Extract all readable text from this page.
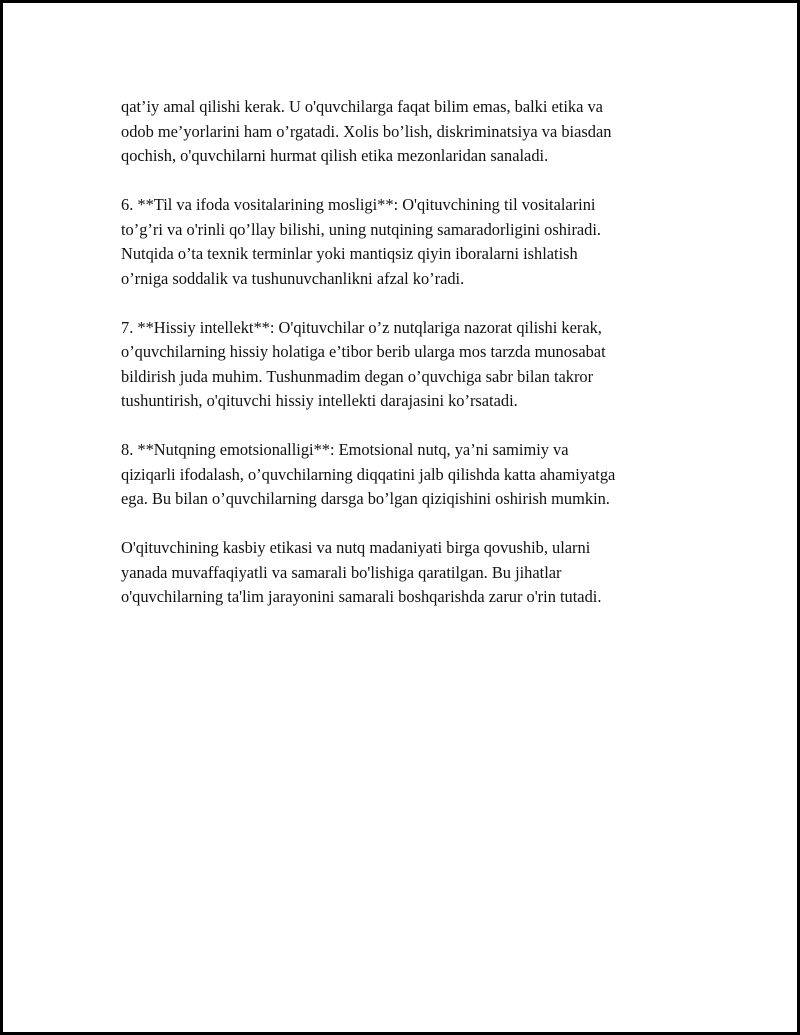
qat’iy amal qilishi kerak. U o'quvchilarga faqat bilim emas, balki etika va
odob me’yorlarini ham o’rgatadi. Xolis bo’lish, diskriminatsiya va biasdan
qochish, o'quvchilarni hurmat qilish etika mezonlaridan sanaladi.

6. **Til va ifoda vositalarining mosligi**: O'qituvchining til vositalarini
to’g’ri va o'rinli qo’llay bilishi, uning nutqining samaradorligini oshiradi.
Nutqida o’ta texnik terminlar yoki mantiqsiz qiyin iboralarni ishlatish
o’rniga soddalik va tushunuvchanlikni afzal ko’radi.

7. **Hissiy intellekt**: O'qituvchilar o’z nutqlariga nazorat qilishi kerak,
o’quvchilarning hissiy holatiga e’tibor berib ularga mos tarzda munosabat
bildirish juda muhim. Tushunmadim degan o’quvchiga sabr bilan takror
tushuntirish, o'qituvchi hissiy intellekti darajasini ko’rsatadi.

8. **Nutqning emotsionalligi**: Emotsional nutq, ya’ni samimiy va
qiziqarli ifodalash, o’quvchilarning diqqatini jalb qilishda katta ahamiyatga
ega. Bu bilan o’quvchilarning darsga bo’lgan qiziqishini oshirish mumkin.

O'qituvchining kasbiy etikasi va nutq madaniyati birga qovushib, ularni
yanada muvaffaqiyatli va samarali bo'lishiga qaratilgan. Bu jihatlar
o'quvchilarning ta'lim jarayonini samarali boshqarishda zarur o'rin tutadi.
